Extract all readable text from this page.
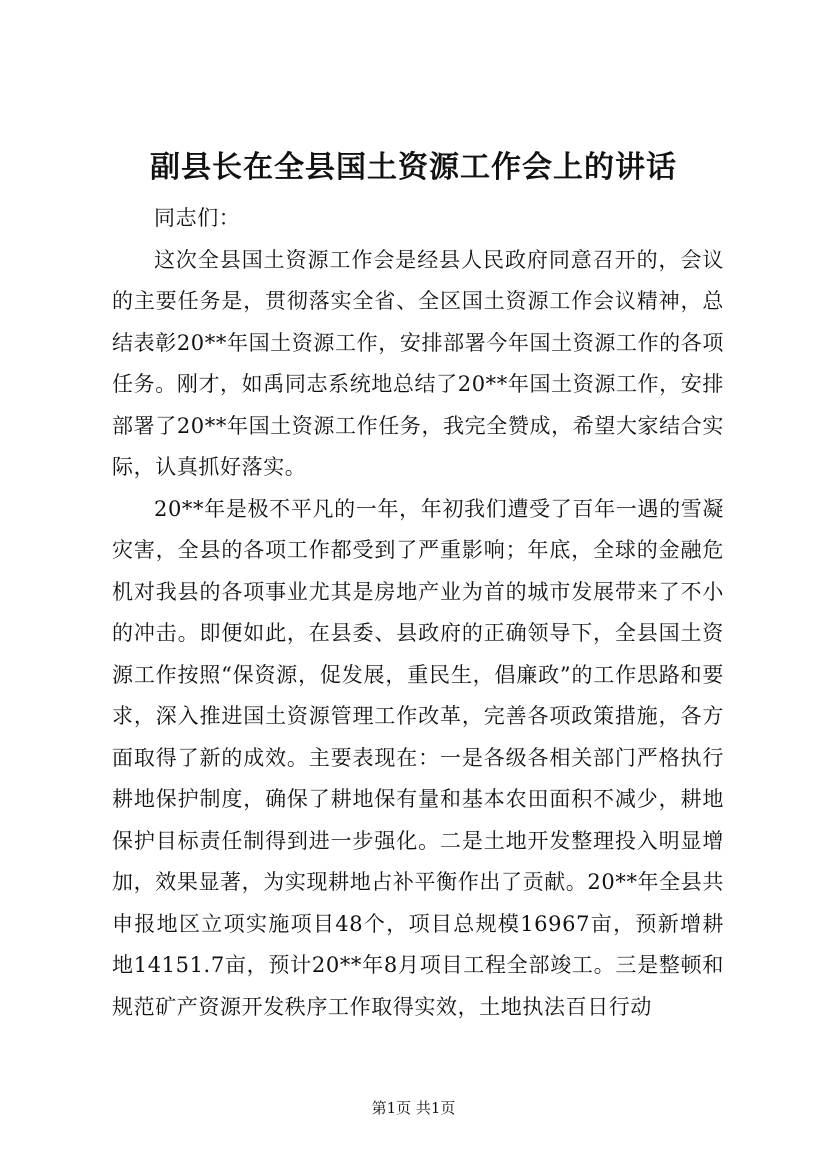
副县长在全县国土资源工作会上的讲话

同志们：

这次全县国土资源工作会是经县人民政府同意召开的，会议的主要任务是，贯彻落实全省、全区国土资源工作会议精神，总结表彰20**年国土资源工作，安排部署今年国土资源工作的各项任务。刚才，如禹同志系统地总结了20**年国土资源工作，安排部署了20**年国土资源工作任务，我完全赞成，希望大家结合实际，认真抓好落实。

20**年是极不平凡的一年，年初我们遭受了百年一遇的雪凝灾害，全县的各项工作都受到了严重影响；年底，全球的金融危机对我县的各项事业尤其是房地产业为首的城市发展带来了不小的冲击。即便如此，在县委、县政府的正确领导下，全县国土资源工作按照“保资源，促发展，重民生，倡廉政”的工作思路和要求，深入推进国土资源管理工作改革，完善各项政策措施，各方面取得了新的成效。主要表现在：一是各级各相关部门严格执行耕地保护制度，确保了耕地保有量和基本农田面积不减少，耕地保护目标责任制得到进一步强化。二是土地开发整理投入明显增加，效果显著，为实现耕地占补平衡作出了贡献。20**年全县共申报地区立项实施项目48个，项目总规模16967亩，预新增耕地14151.7亩，预计20**年8月项目工程全部竣工。三是整顿和规范矿产资源开发秩序工作取得实效，土地执法百日行动

第1页 共1页
